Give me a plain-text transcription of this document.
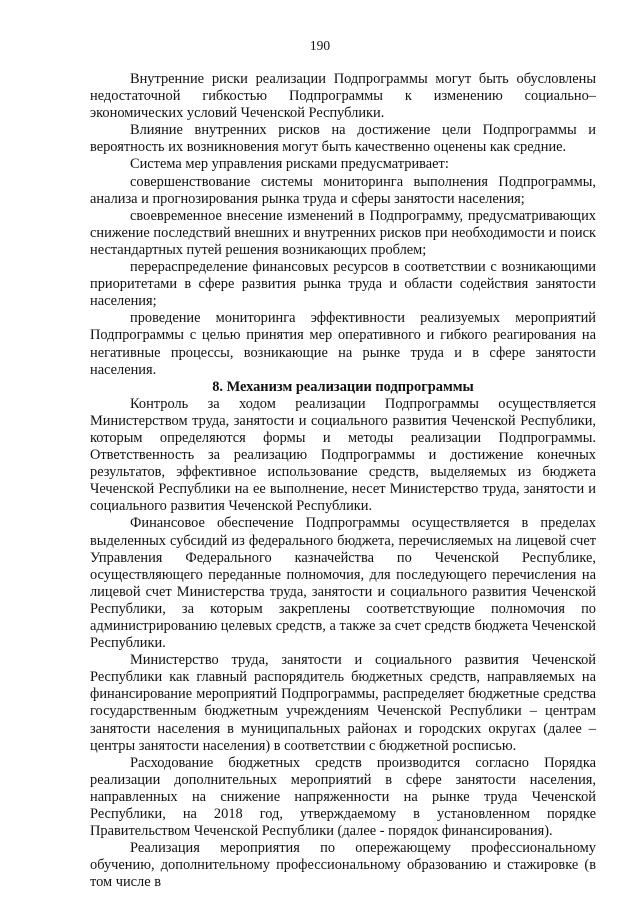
190

Внутренние риски реализации Подпрограммы могут быть обусловлены недостаточной гибкостью Подпрограммы к изменению социально–экономических условий Чеченской Республики.

Влияние внутренних рисков на достижение цели Подпрограммы и вероятность их возникновения могут быть качественно оценены как средние.

Система мер управления рисками предусматривает:

совершенствование системы мониторинга выполнения Подпрограммы, анализа и прогнозирования рынка труда и сферы занятости населения;

своевременное внесение изменений в Подпрограмму, предусматривающих снижение последствий внешних и внутренних рисков при необходимости и поиск нестандартных путей решения возникающих проблем;

перераспределение финансовых ресурсов в соответствии с возникающими приоритетами в сфере развития рынка труда и области содействия занятости населения;

проведение мониторинга эффективности реализуемых мероприятий Подпрограммы с целью принятия мер оперативного и гибкого реагирования на негативные процессы, возникающие на рынке труда и в сфере занятости населения.

8. Механизм реализации подпрограммы

Контроль за ходом реализации Подпрограммы осуществляется Министерством труда, занятости и социального развития Чеченской Республики, которым определяются формы и методы реализации Подпрограммы. Ответственность за реализацию Подпрограммы и достижение конечных результатов, эффективное использование средств, выделяемых из бюджета Чеченской Республики на ее выполнение, несет Министерство труда, занятости и социального развития Чеченской Республики.

Финансовое обеспечение Подпрограммы осуществляется в пределах выделенных субсидий из федерального бюджета, перечисляемых на лицевой счет Управления Федерального казначейства по Чеченской Республике, осуществляющего переданные полномочия, для последующего перечисления на лицевой счет Министерства труда, занятости и социального развития Чеченской Республики, за которым закреплены соответствующие полномочия по администрированию целевых средств, а также за счет средств бюджета Чеченской Республики.

Министерство труда, занятости и социального развития Чеченской Республики как главный распорядитель бюджетных средств, направляемых на финансирование мероприятий Подпрограммы, распределяет бюджетные средства государственным бюджетным учреждениям Чеченской Республики – центрам занятости населения в муниципальных районах и городских округах (далее – центры занятости населения) в соответствии с бюджетной росписью.

Расходование бюджетных средств производится согласно Порядка реализации дополнительных мероприятий в сфере занятости населения, направленных на снижение напряженности на рынке труда Чеченской Республики, на 2018 год, утверждаемому в установленном порядке Правительством Чеченской Республики (далее - порядок финансирования).

Реализация мероприятия по опережающему профессиональному обучению, дополнительному профессиональному образованию и стажировке (в том числе в
